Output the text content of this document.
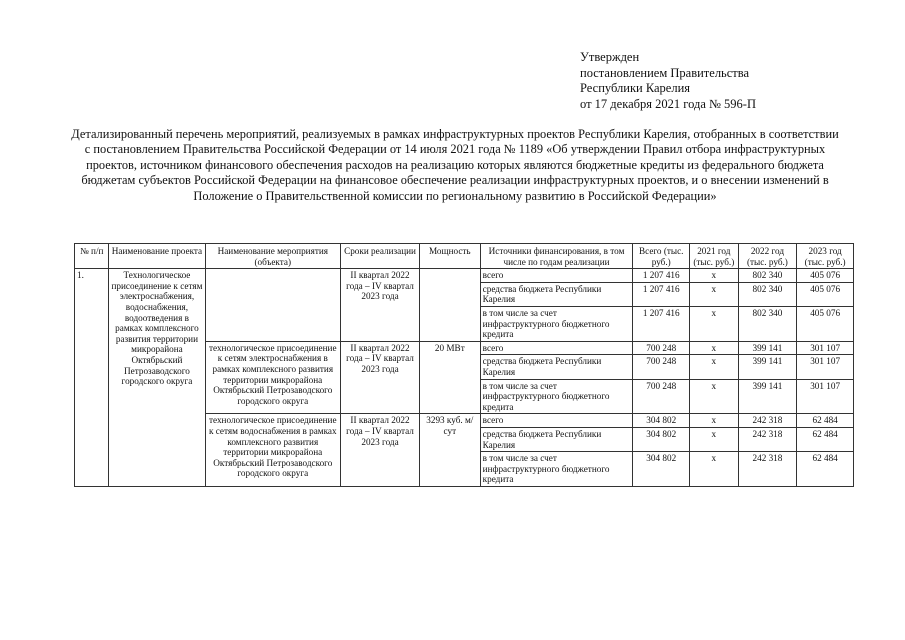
Утвержден
постановлением Правительства
Республики Карелия
от 17 декабря 2021 года № 596-П
Детализированный перечень мероприятий, реализуемых в рамках инфраструктурных проектов Республики Карелия, отобранных в соответствии с постановлением Правительства Российской Федерации от 14 июля 2021 года № 1189 «Об утверждении Правил отбора инфраструктурных проектов, источником финансового обеспечения расходов на реализацию которых являются бюджетные кредиты из федерального бюджета бюджетам субъектов Российской Федерации на финансовое обеспечение реализации инфраструктурных проектов, и о внесении изменений в Положение о Правительственной комиссии по региональному развитию в Российской Федерации»
№ п/п	Наименование проекта	Наименование мероприятия (объекта)	Сроки реализации	Мощность	Источники финансирования, в том числе по годам реализации	Всего (тыс. руб.)	2021 год (тыс. руб.)	2022 год (тыс. руб.)	2023 год (тыс. руб.)
1.	Технологическое присоединение к сетям электроснабжения, водоснабжения, водоотведения в рамках комплексного развития территории микрорайона Октябрьский Петрозаводского городского округа		II квартал 2022 года – IV квартал 2023 года		всего	1 207 416	х	802 340	405 076
					средства бюджета Республики Карелия	1 207 416	х	802 340	405 076
					в том числе за счет инфраструктурного бюджетного кредита	1 207 416	х	802 340	405 076
		технологическое присоединение к сетям электроснабжения в рамках комплексного развития территории микрорайона Октябрьский Петрозаводского городского округа	II квартал 2022 года – IV квартал 2023 года	20 МВт	всего	700 248	х	399 141	301 107
					средства бюджета Республики Карелия	700 248	х	399 141	301 107
					в том числе за счет инфраструктурного бюджетного кредита	700 248	х	399 141	301 107
		технологическое присоединение к сетям водоснабжения в рамках комплексного развития территории микрорайона Октябрьский Петрозаводского городского округа	II квартал 2022 года – IV квартал 2023 года	3293 куб. м/сут	всего	304 802	х	242 318	62 484
					средства бюджета Республики Карелия	304 802	х	242 318	62 484
					в том числе за счет инфраструктурного бюджетного кредита	304 802	х	242 318	62 484
